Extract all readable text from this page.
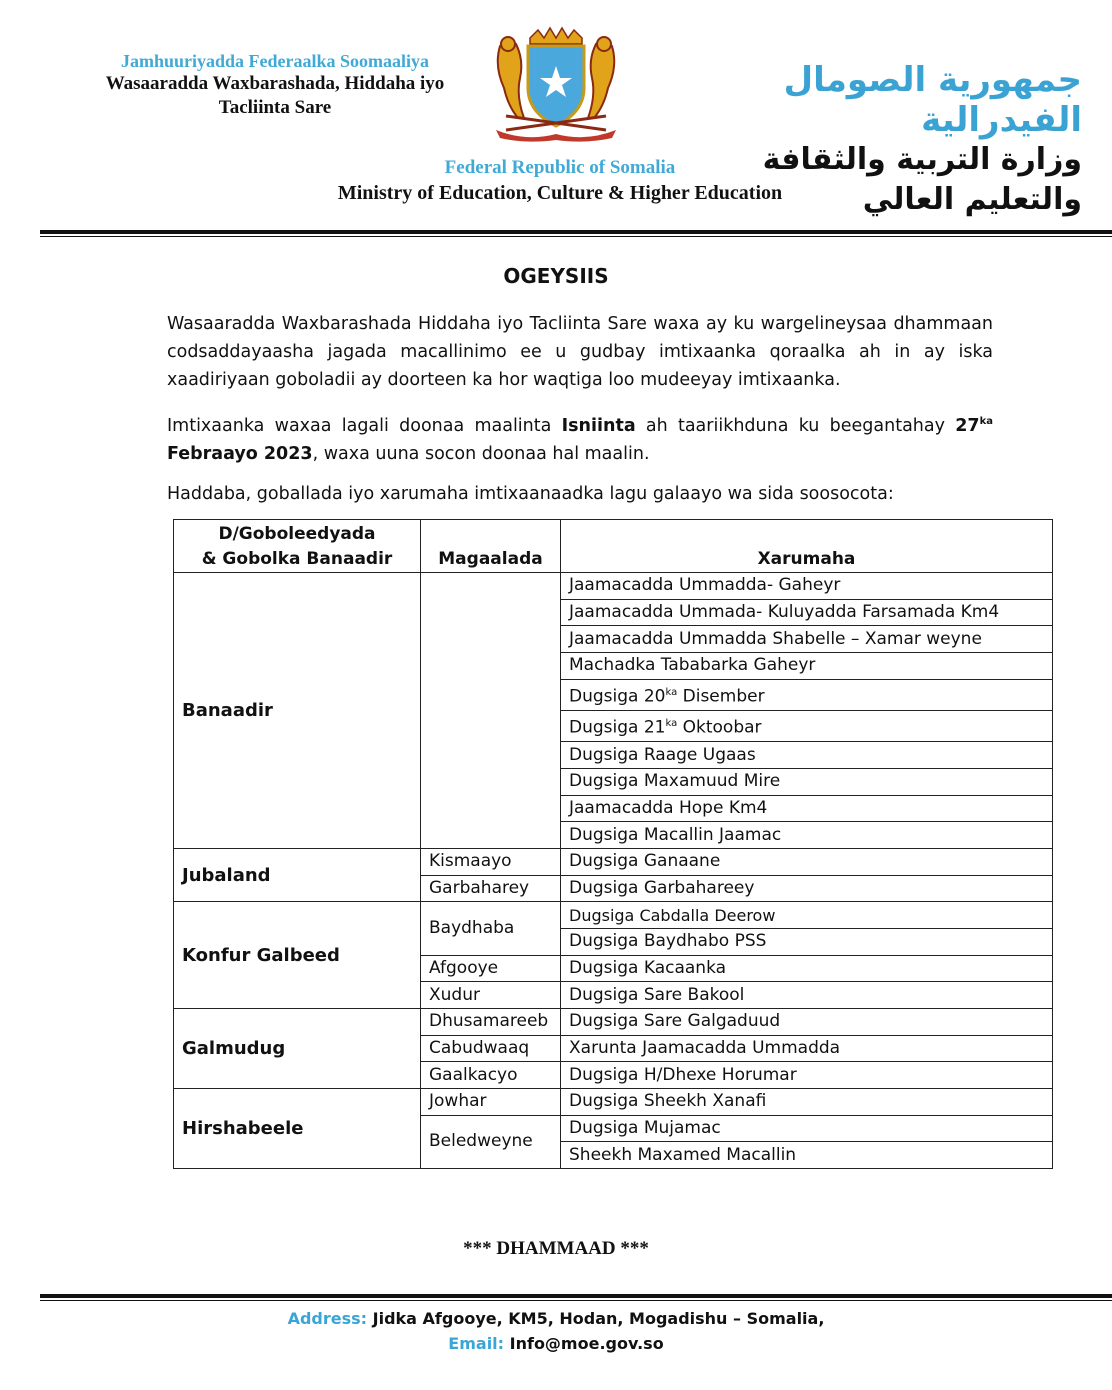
Jamhuuriyadda Federaalka Soomaaliya
Wasaaradda Waxbarashada, Hiddaha iyo
Tacliinta Sare
جمهورية الصومال الفيدرالية
وزارة التربية والثقافة والتعليم العالي
Federal Republic of Somalia
Ministry of Education, Culture & Higher Education
OGEYSIIS
Wasaaradda Waxbarashada Hiddaha iyo Tacliinta Sare waxa ay ku wargelineysaa dhammaan codsaddayaasha jagada macallinimo ee u gudbay imtixaanka qoraalka ah in ay iska xaadiriyaan goboladii ay doorteen ka hor waqtiga loo mudeeyay imtixaanka.
Imtixaanka waxaa lagali doonaa maalinta Isniinta ah taariikhduna ku beegantahay $27^{ka}$ Febraayo 2023, waxa uuna socon doonaa hal maalin.
Haddaba, goballada iyo xarumaha imtixaanaadka lagu galaayo wa sida soosocota:
D/Goboleedyada
& Gobolka Banaadir	Magaalada	Xarumaha
Banaadir		Jaamacadda Ummadda- Gaheyr
		Jaamacadda Ummada- Kuluyadda Farsamada Km4
		Jaamacadda Ummadda Shabelle – Xamar weyne
		Machadka Tababarka Gaheyr
		Dugsiga $20^{ka}$ Disember
		Dugsiga $21^{ka}$ Oktoobar
		Dugsiga Raage Ugaas
		Dugsiga Maxamuud Mire
		Jaamacadda Hope Km4
		Dugsiga Macallin Jaamac
Jubaland	Kismaayo	Dugsiga Ganaane
	Garbaharey	Dugsiga Garbahareey
Konfur Galbeed	Baydhaba	Dugsiga Cabdalla Deerow
		Dugsiga Baydhabo PSS
	Afgooye	Dugsiga Kacaanka
	Xudur	Dugsiga Sare Bakool
Galmudug	Dhusamareeb	Dugsiga Sare Galgaduud
	Cabudwaaq	Xarunta Jaamacadda Ummadda
	Gaalkacyo	Dugsiga H/Dhexe Horumar
Hirshabeele	Jowhar	Dugsiga Sheekh Xanafi
	Beledweyne	Dugsiga Mujamac
		Sheekh Maxamed Macallin
*** DHAMMAAD ***
Address: Jidka Afgooye, KM5, Hodan, Mogadishu – Somalia,
Email: Info@moe.gov.so
